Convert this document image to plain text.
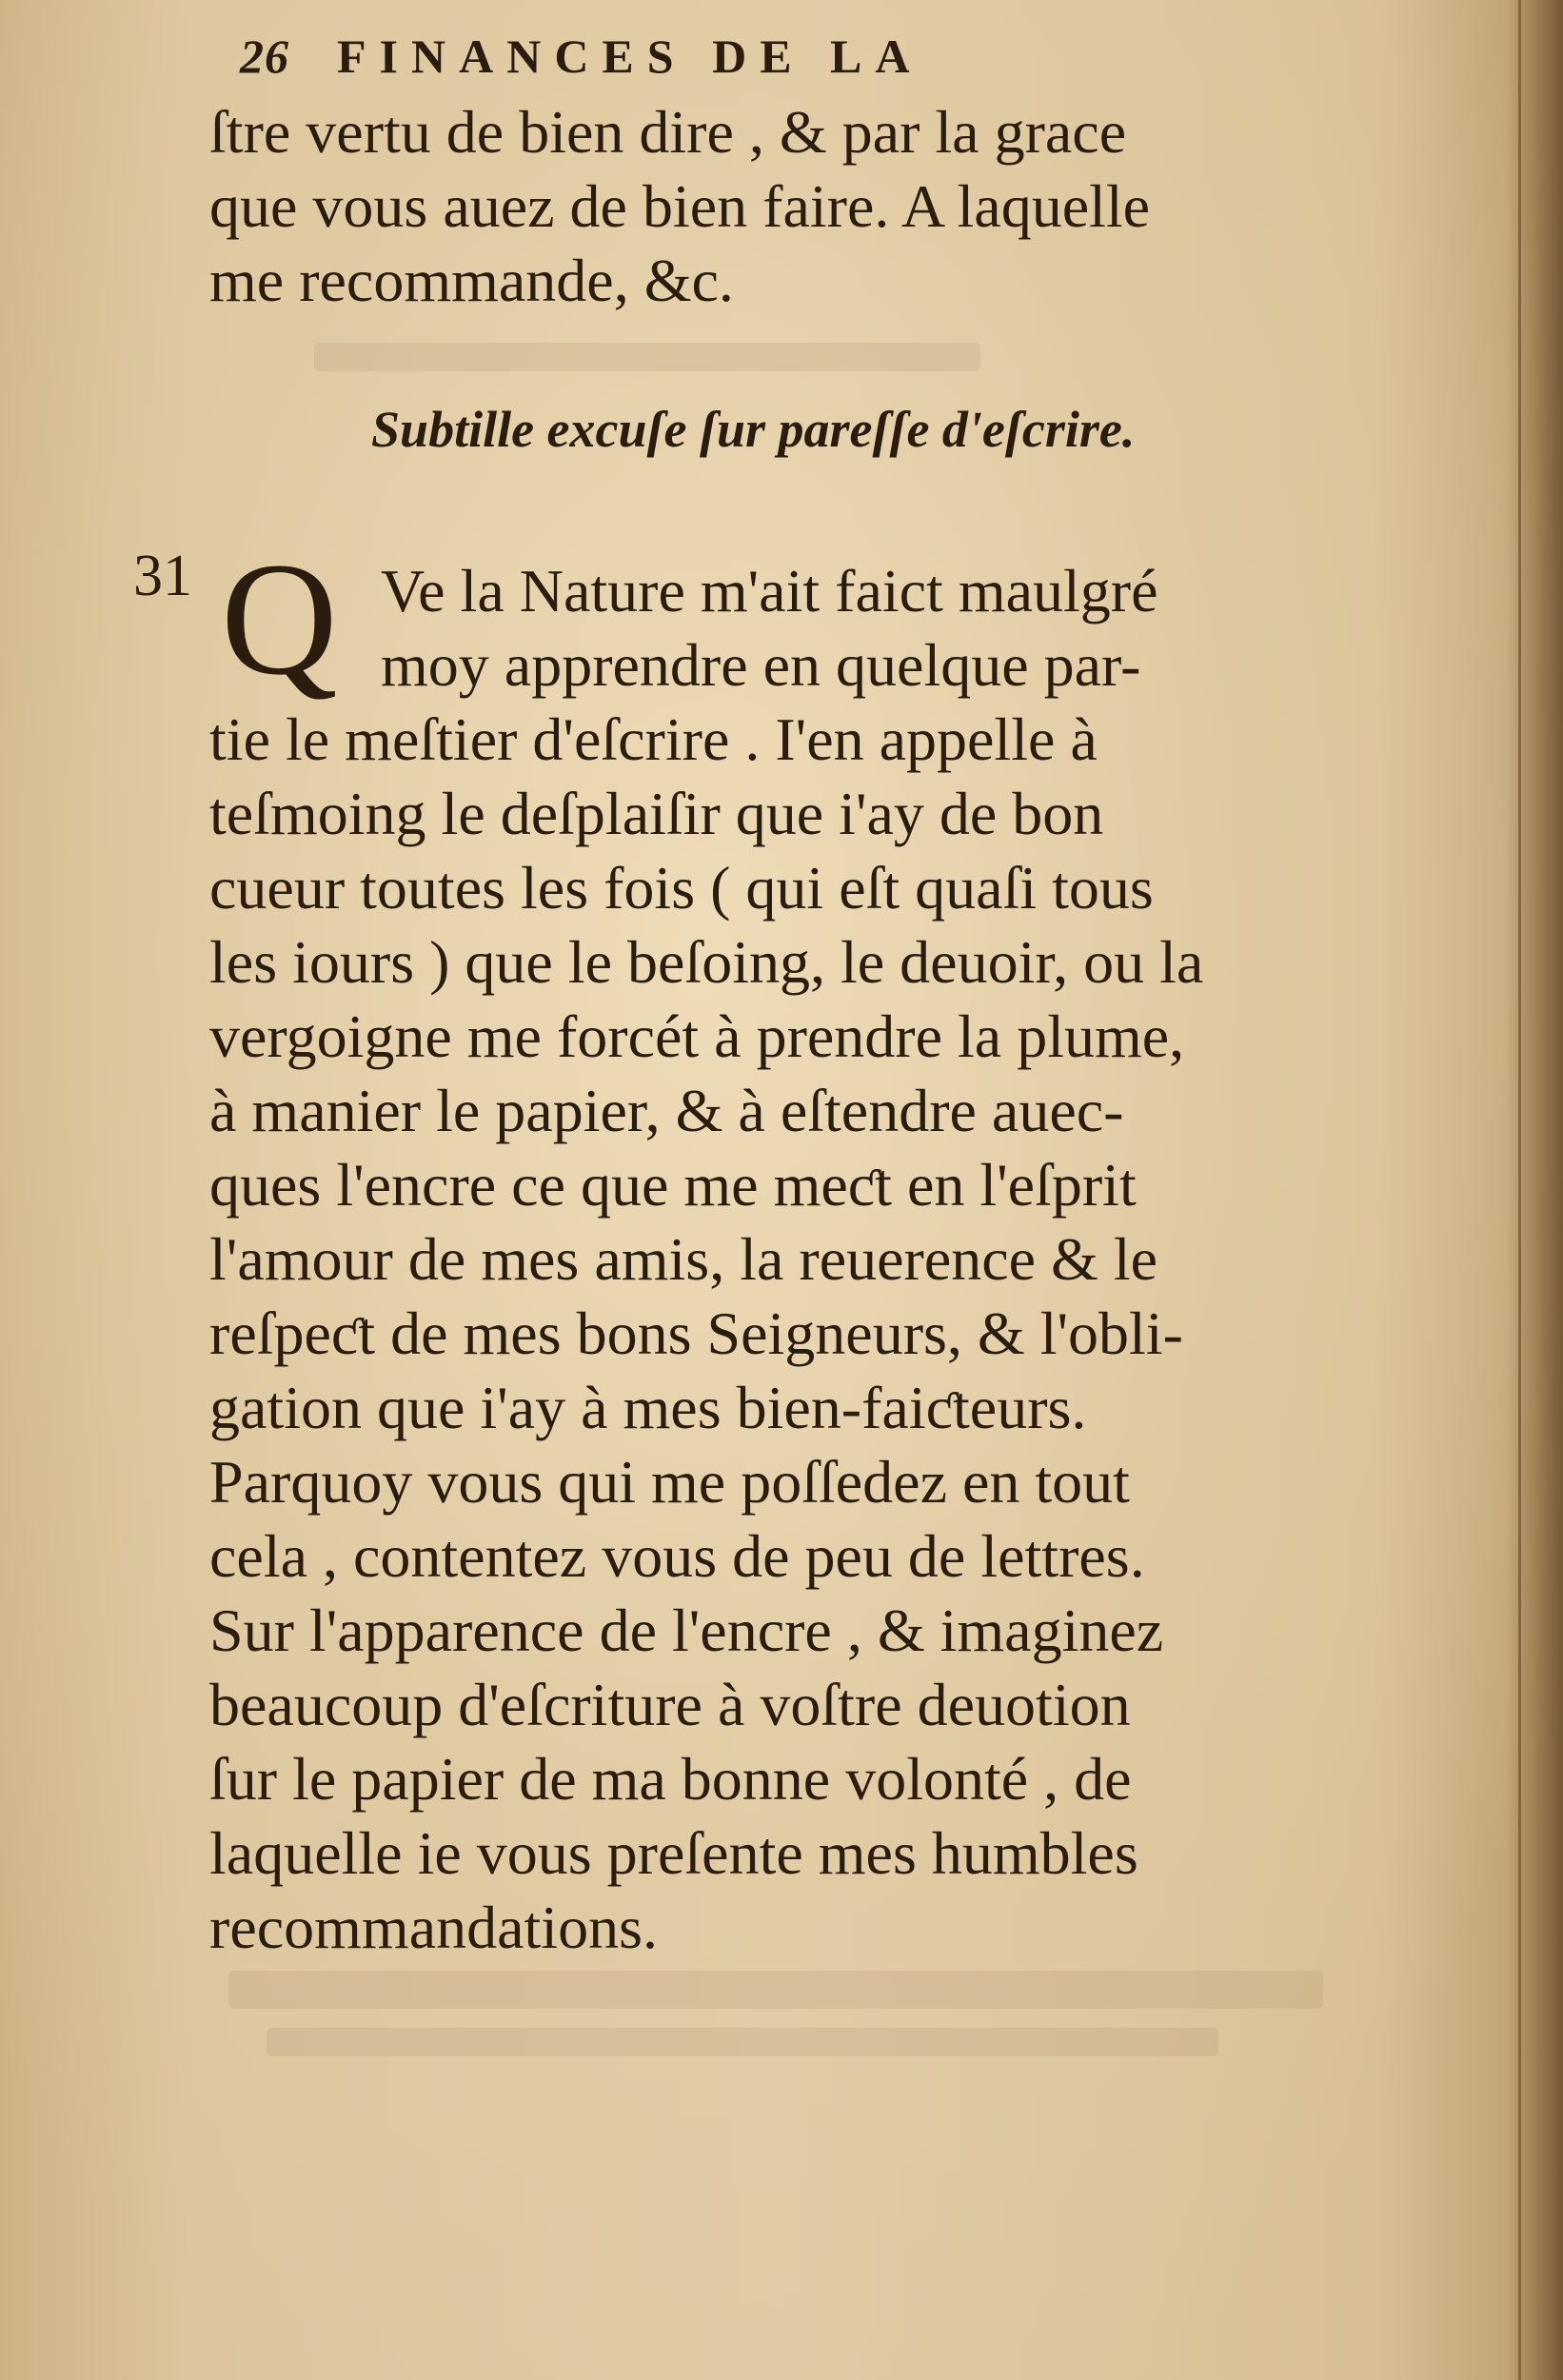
26 FINANCES DE LA
ſtre vertu de bien dire , & par la grace
que vous auez de bien faire. A laquelle
me recommande, &c.
Subtille excuſe ſur pareſſe d'eſcrire.
31 Q Ve la Nature m'ait faict maulgré
moy apprendre en quelque par-
tie le meſtier d'eſcrire . I'en appelle à
teſmoing le deſplaiſir que i'ay de bon
cueur toutes les fois ( qui eſt quaſi tous
les iours ) que le beſoing, le deuoir, ou la
vergoigne me forcét à prendre la plume,
à manier le papier, & à eſtendre auec-
ques l'encre ce que me meƈt en l'eſprit
l'amour de mes amis, la reuerence & le
reſpeƈt de mes bons Seigneurs, & l'obli-
gation que i'ay à mes bien-faiƈteurs.
Parquoy vous qui me poſſedez en tout
cela , contentez vous de peu de lettres.
Sur l'apparence de l'encre , & imaginez
beaucoup d'eſcriture à voſtre deuotion
ſur le papier de ma bonne volonté , de
laquelle ie vous preſente mes humbles
recommandations.
